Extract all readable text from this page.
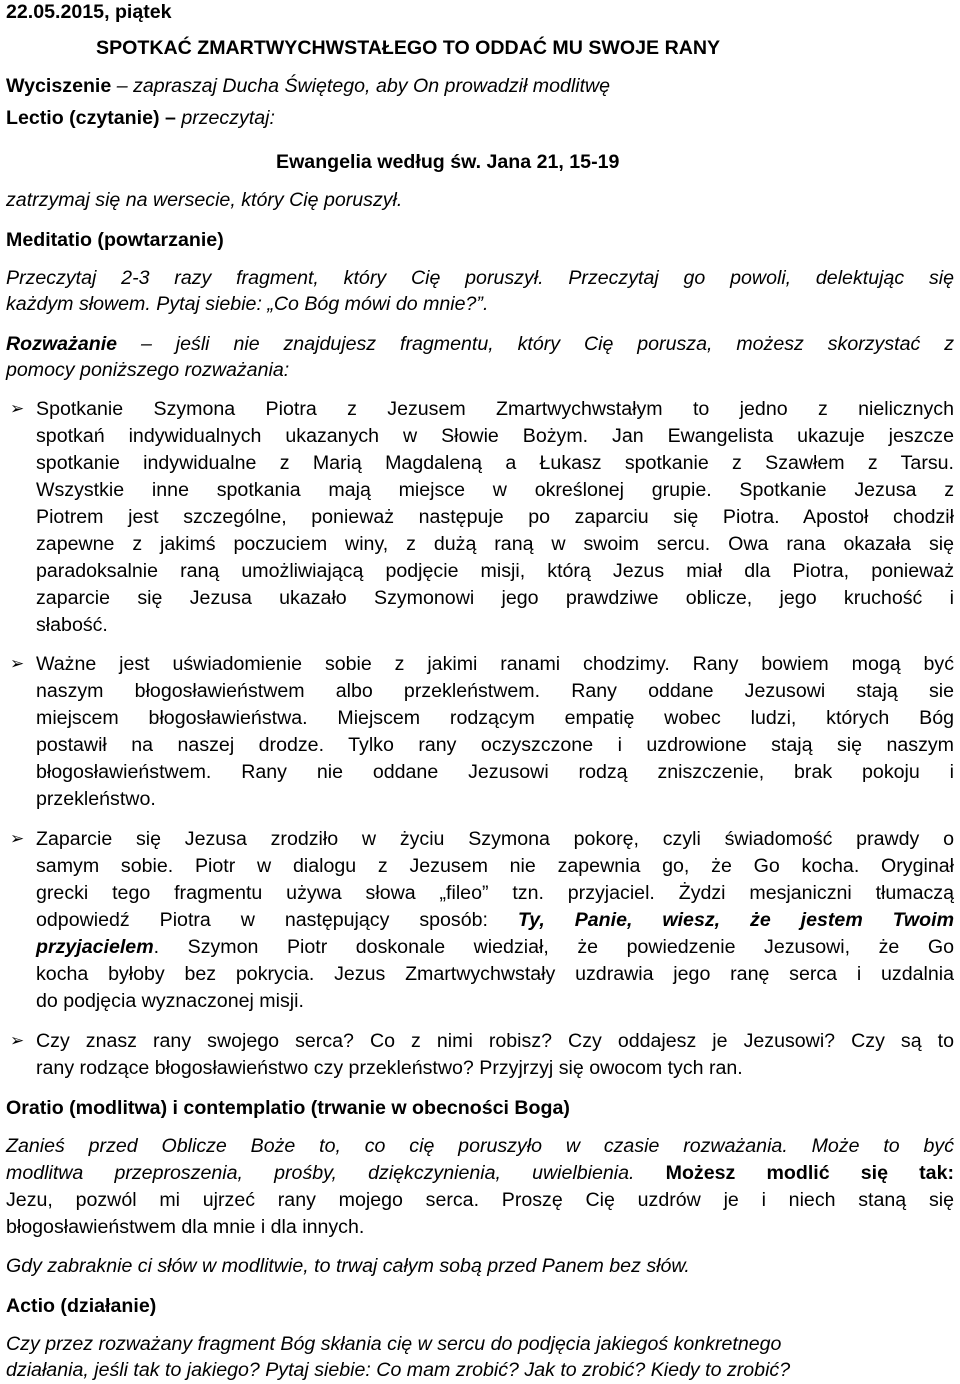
22.05.2015, piątek
SPOTKAĆ ZMARTWYCHWSTAŁEGO TO ODDAĆ MU SWOJE RANY
Wyciszenie – zapraszaj Ducha Świętego, aby On prowadził modlitwę
Lectio (czytanie) – przeczytaj:
Ewangelia według św. Jana 21, 15-19
zatrzymaj się na wersecie, który Cię poruszył.
Meditatio (powtarzanie)
Przeczytaj 2-3 razy fragment, który Cię poruszył. Przeczytaj go powoli, delektując się
każdym słowem. Pytaj siebie: „Co Bóg mówi do mnie?”.
Rozważanie – jeśli nie znajdujesz fragmentu, który Cię porusza, możesz skorzystać z
pomocy poniższego rozważania:
➢ Spotkanie Szymona Piotra z Jezusem Zmartwychwstałym to jedno z nielicznych
spotkań indywidualnych ukazanych w Słowie Bożym. Jan Ewangelista ukazuje jeszcze
spotkanie indywidualne z Marią Magdaleną a Łukasz spotkanie z Szawłem z Tarsu.
Wszystkie inne spotkania mają miejsce w określonej grupie. Spotkanie Jezusa z
Piotrem jest szczególne, ponieważ następuje po zaparciu się Piotra. Apostoł chodził
zapewne z jakimś poczuciem winy, z dużą raną w swoim sercu. Owa rana okazała się
paradoksalnie raną umożliwiającą podjęcie misji, którą Jezus miał dla Piotra, ponieważ
zaparcie się Jezusa ukazało Szymonowi jego prawdziwe oblicze, jego kruchość i
słabość.
➢ Ważne jest uświadomienie sobie z jakimi ranami chodzimy. Rany bowiem mogą być
naszym błogosławieństwem albo przekleństwem. Rany oddane Jezusowi stają sie
miejscem błogosławieństwa. Miejscem rodzącym empatię wobec ludzi, których Bóg
postawił na naszej drodze. Tylko rany oczyszczone i uzdrowione stają się naszym
błogosławieństwem. Rany nie oddane Jezusowi rodzą zniszczenie, brak pokoju i
przekleństwo.
➢ Zaparcie się Jezusa zrodziło w życiu Szymona pokorę, czyli świadomość prawdy o
samym sobie. Piotr w dialogu z Jezusem nie zapewnia go, że Go kocha. Oryginał
grecki tego fragmentu używa słowa „fileo” tzn. przyjaciel. Żydzi mesjaniczni tłumaczą
odpowiedź Piotra w następujący sposób: Ty, Panie, wiesz, że jestem Twoim
przyjacielem. Szymon Piotr doskonale wiedział, że powiedzenie Jezusowi, że Go
kocha byłoby bez pokrycia. Jezus Zmartwychwstały uzdrawia jego ranę serca i uzdalnia
do podjęcia wyznaczonej misji.
➢ Czy znasz rany swojego serca? Co z nimi robisz? Czy oddajesz je Jezusowi? Czy są to
rany rodzące błogosławieństwo czy przekleństwo? Przyjrzyj się owocom tych ran.
Oratio (modlitwa) i contemplatio (trwanie w obecności Boga)
Zanieś przed Oblicze Boże to, co cię poruszyło w czasie rozważania. Może to być
modlitwa przeproszenia, prośby, dziękczynienia, uwielbienia. Możesz modlić się tak:
Jezu, pozwól mi ujrzeć rany mojego serca. Proszę Cię uzdrów je i niech staną się
błogosławieństwem dla mnie i dla innych.
Gdy zabraknie ci słów w modlitwie, to trwaj całym sobą przed Panem bez słów.
Actio (działanie)
Czy przez rozważany fragment Bóg skłania cię w sercu do podjęcia jakiegoś konkretnego
działania, jeśli tak to jakiego? Pytaj siebie: Co mam zrobić? Jak to zrobić? Kiedy to zrobić?
